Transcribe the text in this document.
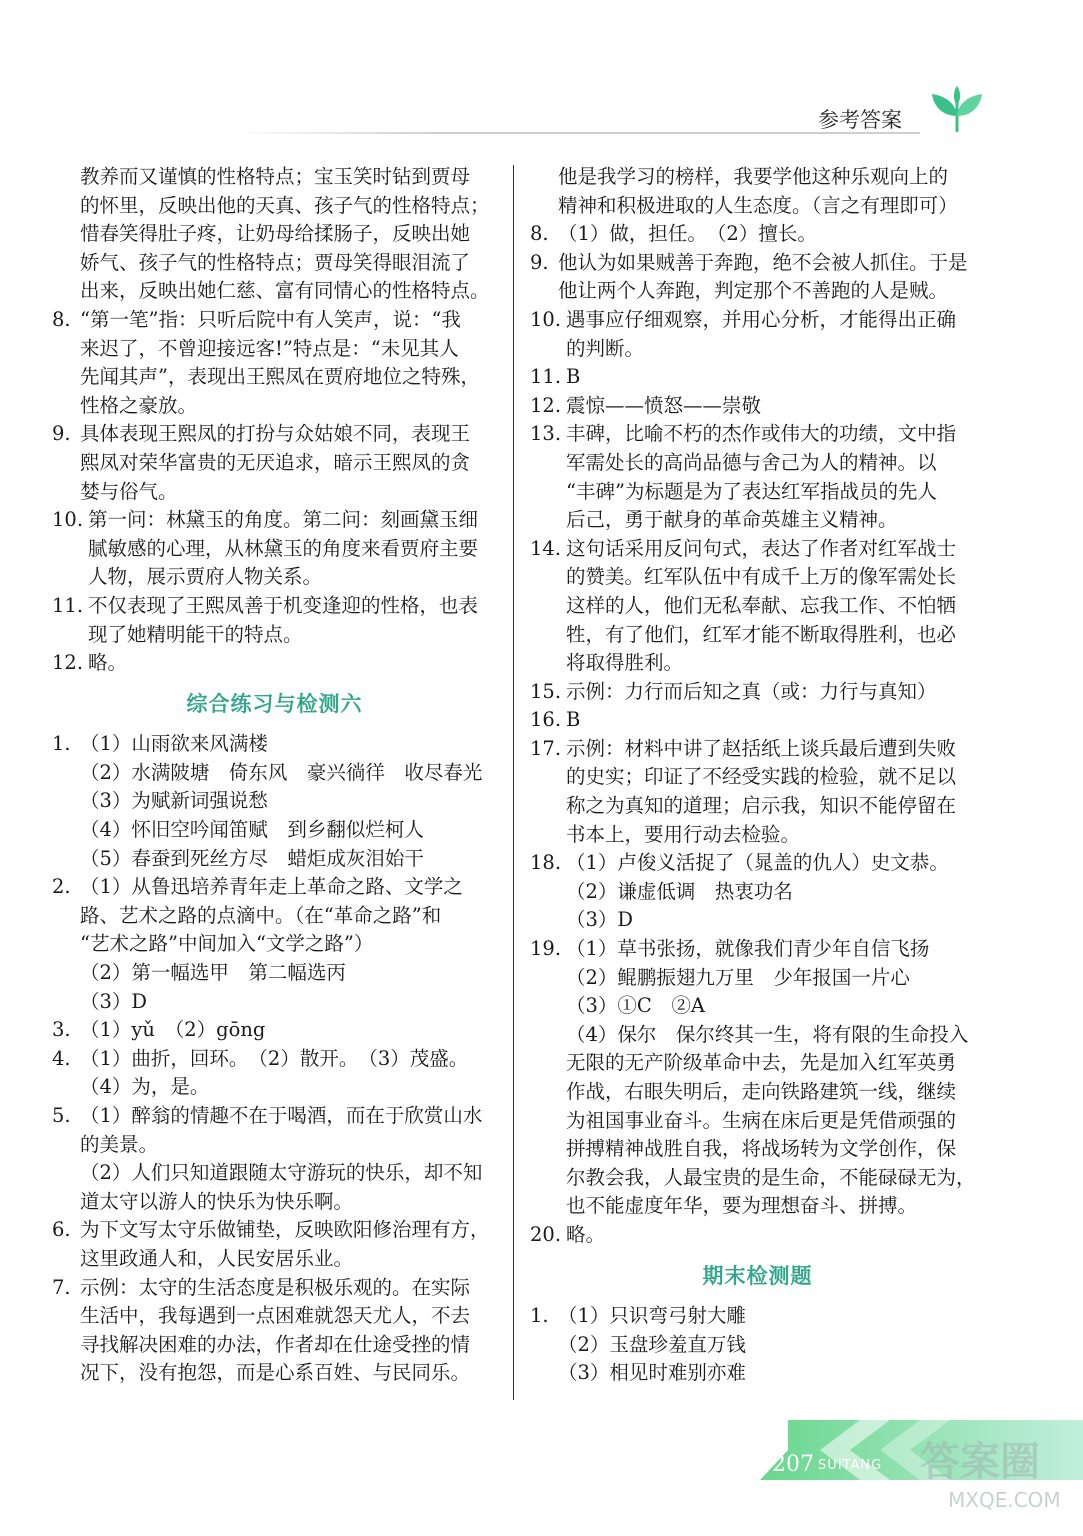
参考答案
教养而又谨慎的性格特点；宝玉笑时钻到贾母
的怀里，反映出他的天真、孩子气的性格特点；
惜春笑得肚子疼，让奶母给揉肠子，反映出她
娇气、孩子气的性格特点；贾母笑得眼泪流了
出来，反映出她仁慈、富有同情心的性格特点。
8. “第一笔”指：只听后院中有人笑声，说：“我
来迟了，不曾迎接远客!”特点是：“未见其人
先闻其声”，表现出王熙凤在贾府地位之特殊，
性格之豪放。
9. 具体表现王熙凤的打扮与众姑娘不同，表现王
熙凤对荣华富贵的无厌追求，暗示王熙凤的贪
婪与俗气。
10. 第一问：林黛玉的角度。第二问：刻画黛玉细
腻敏感的心理，从林黛玉的角度来看贾府主要
人物，展示贾府人物关系。
11. 不仅表现了王熙凤善于机变逢迎的性格，也表
现了她精明能干的特点。
12. 略。
综合练习与检测六
1. （1）山雨欲来风满楼
（2）水满陂塘　倚东风　豪兴徜徉　收尽春光
（3）为赋新词强说愁
（4）怀旧空吟闻笛赋　到乡翻似烂柯人
（5）春蚕到死丝方尽　蜡炬成灰泪始干
2. （1）从鲁迅培养青年走上革命之路、文学之
路、艺术之路的点滴中。（在“革命之路”和
“艺术之路”中间加入“文学之路”）
（2）第一幅选甲　第二幅选丙
（3）D
3. （1）yǔ　（2）gōng
4. （1）曲折，回环。　（2）散开。　（3）茂盛。
（4）为，是。
5. （1）醉翁的情趣不在于喝酒，而在于欣赏山水
的美景。
（2）人们只知道跟随太守游玩的快乐，却不知
道太守以游人的快乐为快乐啊。
6. 为下文写太守乐做铺垫，反映欧阳修治理有方，
这里政通人和，人民安居乐业。
7. 示例：太守的生活态度是积极乐观的。在实际
生活中，我每遇到一点困难就怨天尤人，不去
寻找解决困难的办法，作者却在仕途受挫的情
况下，没有抱怨，而是心系百姓、与民同乐。
他是我学习的榜样，我要学他这种乐观向上的
精神和积极进取的人生态度。（言之有理即可）
8. （1）做，担任。　（2）擅长。
9. 他认为如果贼善于奔跑，绝不会被人抓住。于是
他让两个人奔跑，判定那个不善跑的人是贼。
10. 遇事应仔细观察，并用心分析，才能得出正确
的判断。
11. B
12. 震惊——愤怒——崇敬
13. 丰碑，比喻不朽的杰作或伟大的功绩，文中指
军需处长的高尚品德与舍己为人的精神。以
“丰碑”为标题是为了表达红军指战员的先人
后己，勇于献身的革命英雄主义精神。
14. 这句话采用反问句式，表达了作者对红军战士
的赞美。红军队伍中有成千上万的像军需处长
这样的人，他们无私奉献、忘我工作、不怕牺
牲，有了他们，红军才能不断取得胜利，也必
将取得胜利。
15. 示例：力行而后知之真（或：力行与真知）
16. B
17. 示例：材料中讲了赵括纸上谈兵最后遭到失败
的史实；印证了不经受实践的检验，就不足以
称之为真知的道理；启示我，知识不能停留在
书本上，要用行动去检验。
18. （1）卢俊义活捉了（晁盖的仇人）史文恭。
（2）谦虚低调　热衷功名
（3）D
19. （1）草书张扬，就像我们青少年自信飞扬
（2）鲲鹏振翅九万里　少年报国一片心
（3）①C　②A
（4）保尔　保尔终其一生，将有限的生命投入
无限的无产阶级革命中去，先是加入红军英勇
作战，右眼失明后，走向铁路建筑一线，继续
为祖国事业奋斗。生病在床后更是凭借顽强的
拼搏精神战胜自我，将战场转为文学创作，保
尔教会我，人最宝贵的是生命，不能碌碌无为，
也不能虚度年华，要为理想奋斗、拼搏。
20. 略。
期末检测题
1. （1）只识弯弓射大雕
（2）玉盘珍羞直万钱
（3）相见时难别亦难
207 SUITANG 答案圈
MXQE.COM
